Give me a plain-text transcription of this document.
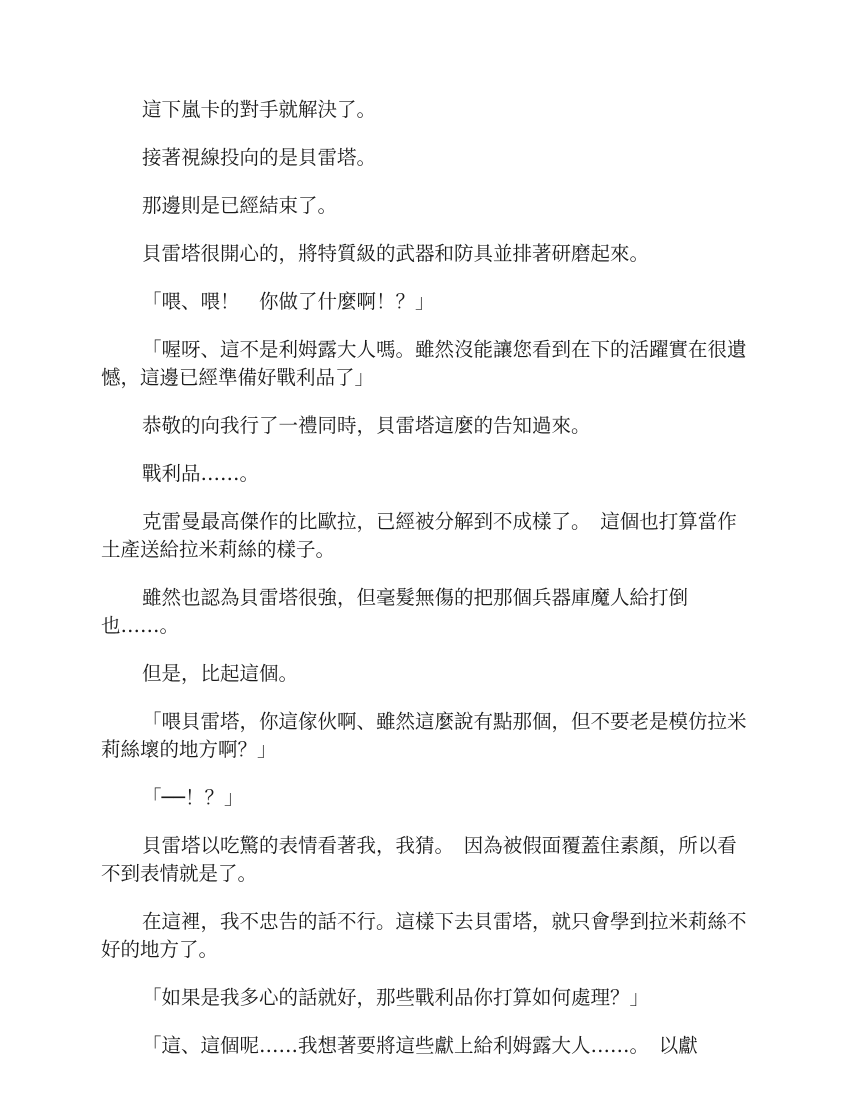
這下嵐卡的對手就解決了。

接著視線投向的是貝雷塔。

那邊則是已經結束了。

貝雷塔很開心的，將特質級的武器和防具並排著研磨起來。

「喂、喂！　你做了什麼啊！？」

「喔呀、這不是利姆露大人嗎。雖然沒能讓您看到在下的活躍實在很遺憾，這邊已經準備好戰利品了」

恭敬的向我行了一禮同時，貝雷塔這麼的告知過來。

戰利品……。

克雷曼最高傑作的比歐拉，已經被分解到不成樣了。　這個也打算當作土產送給拉米莉絲的樣子。

雖然也認為貝雷塔很強，但毫髮無傷的把那個兵器庫魔人給打倒也……。

但是，比起這個。

「喂貝雷塔，你這傢伙啊、雖然這麼說有點那個，但不要老是模仿拉米莉絲壞的地方啊？」

「──！？」

貝雷塔以吃驚的表情看著我，我猜。　因為被假面覆蓋住素顏，所以看不到表情就是了。

在這裡，我不忠告的話不行。這樣下去貝雷塔，就只會學到拉米莉絲不好的地方了。

「如果是我多心的話就好，那些戰利品你打算如何處理？」

「這、這個呢……我想著要將這些獻上給利姆露大人……。　以獻
